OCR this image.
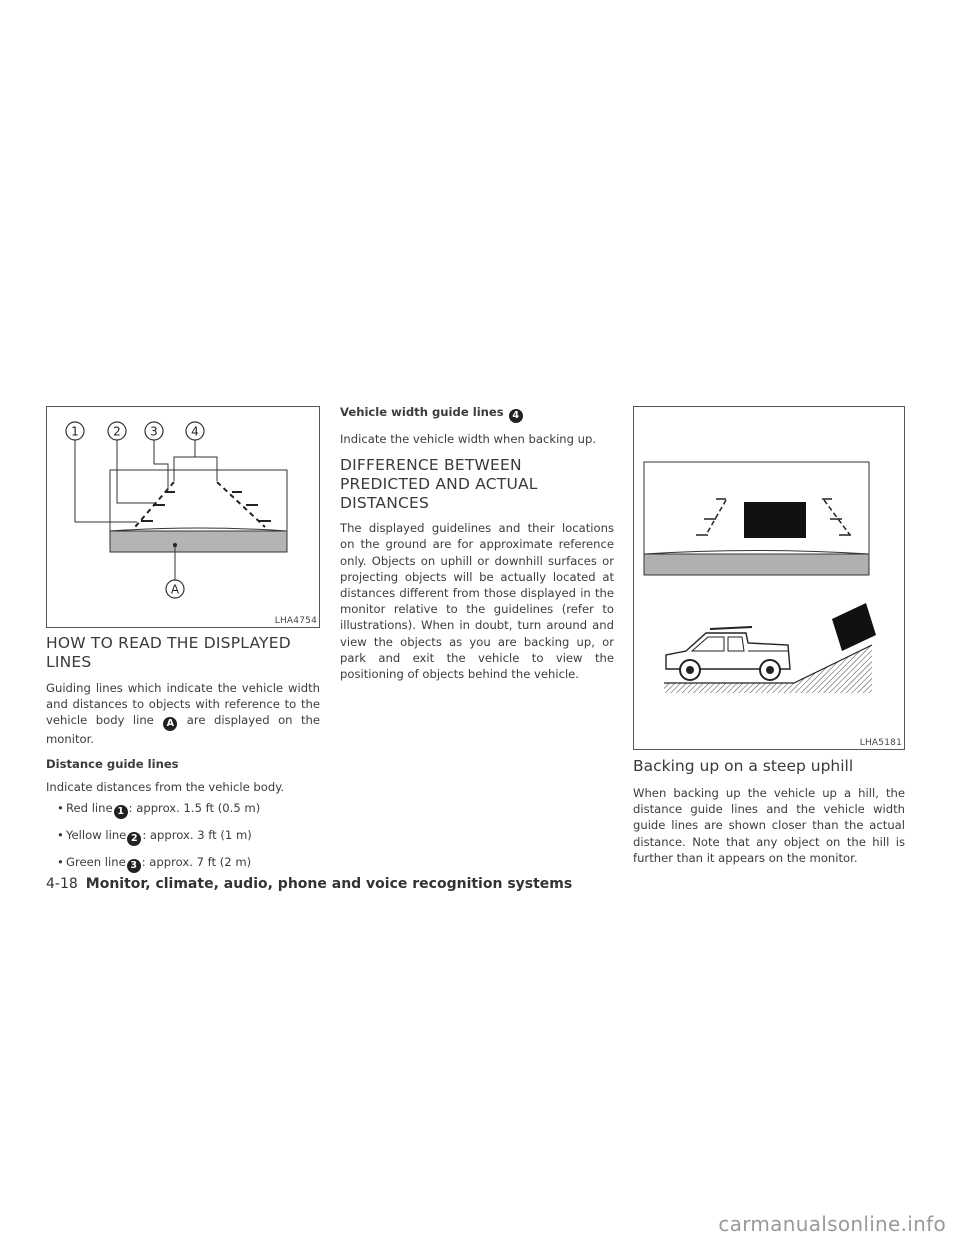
1	2 3	4
A
LHA4754
HOW TO READ THE DISPLAYED LINES

Guiding lines which indicate the vehicle width and distances to objects with reference to the vehicle body line A are displayed on the monitor.

Distance guide lines

Indicate distances from the vehicle body.

• Red line 1 : approx. 1.5 ft (0.5 m)
• Yellow line 2 : approx. 3 ft (1 m)
• Green line 3 : approx. 7 ft (2 m)

Vehicle width guide lines 4

Indicate the vehicle width when backing up.

DIFFERENCE BETWEEN PREDICTED AND ACTUAL DISTANCES

The displayed guidelines and their locations on the ground are for approximate reference only. Objects on uphill or downhill surfaces or projecting objects will be actually located at distances different from those displayed in the monitor relative to the guidelines (refer to illustrations). When in doubt, turn around and view the objects as you are backing up, or park and exit the vehicle to view the positioning of objects behind the vehicle.

LHA5181
Backing up on a steep uphill

When backing up the vehicle up a hill, the distance guide lines and the vehicle width guide lines are shown closer than the actual distance. Note that any object on the hill is further than it appears on the monitor.

4-18 Monitor, climate, audio, phone and voice recognition systems
carmanualsonline.info
